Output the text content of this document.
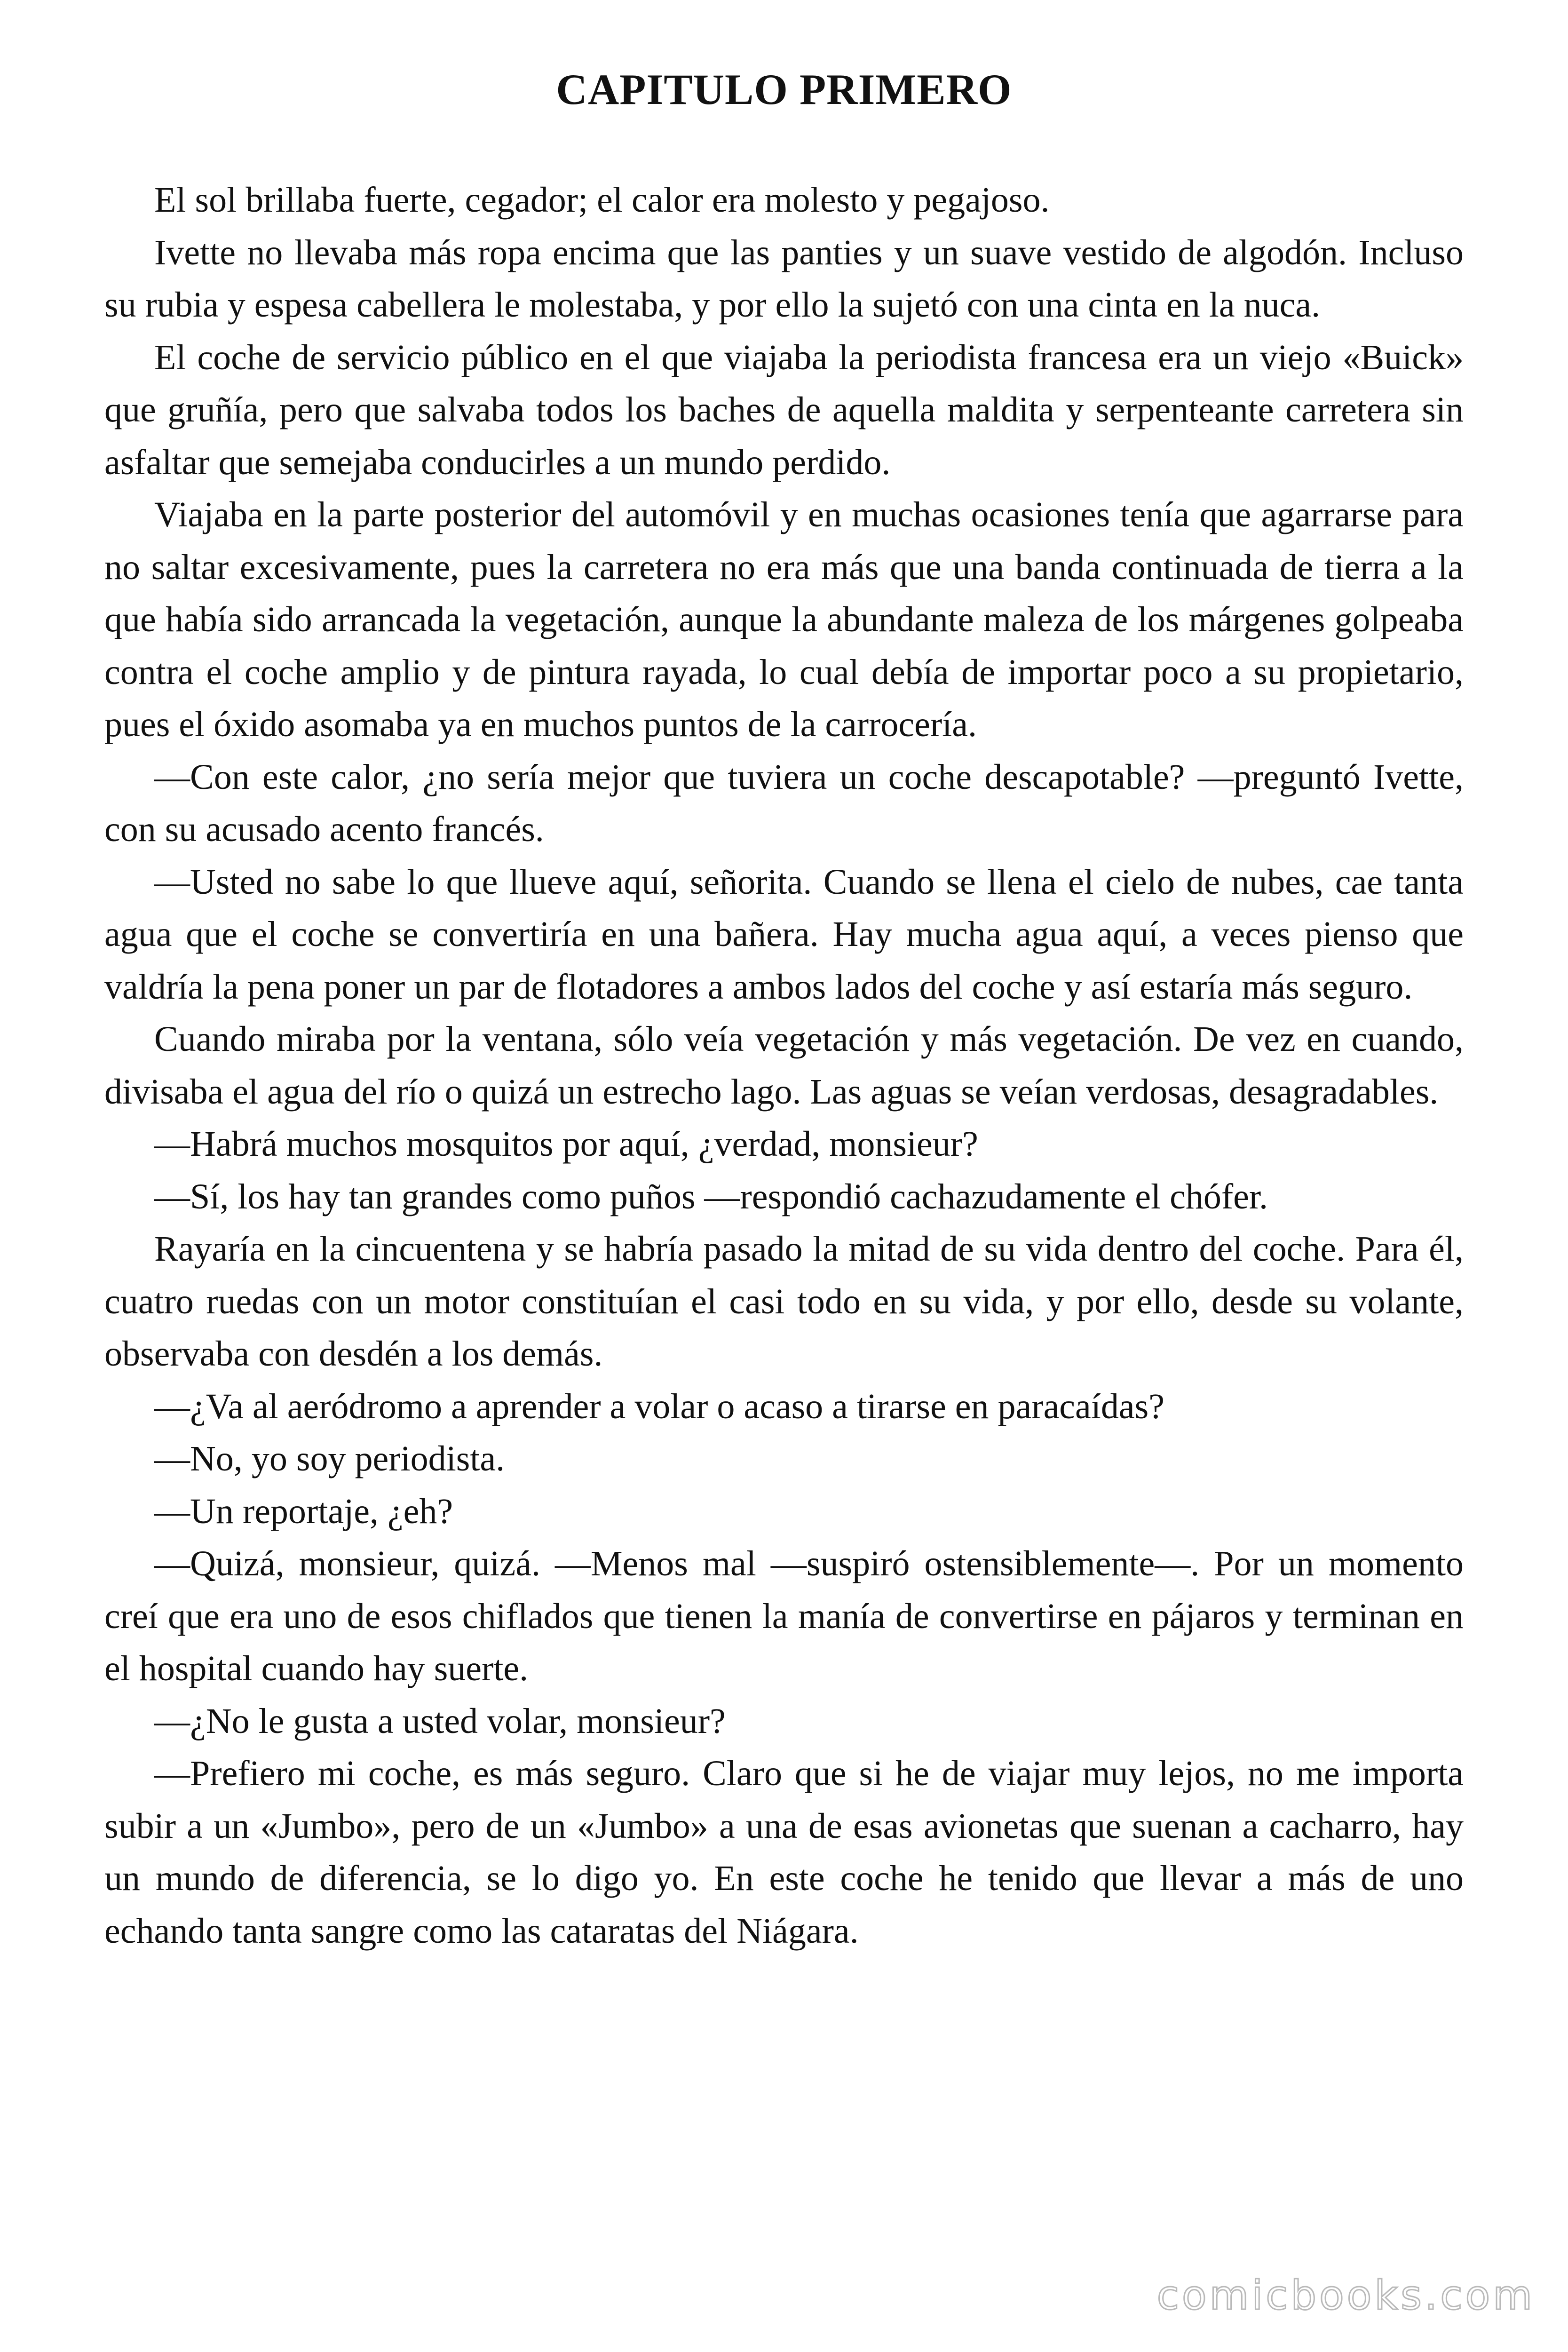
CAPITULO PRIMERO

El sol brillaba fuerte, cegador; el calor era molesto y pegajoso.

Ivette no llevaba más ropa encima que las panties y un suave vestido de algodón. Incluso su rubia y espesa cabellera le molestaba, y por ello la sujetó con una cinta en la nuca.

El coche de servicio público en el que viajaba la periodista francesa era un viejo «Buick» que gruñía, pero que salvaba todos los baches de aquella maldita y serpenteante carretera sin asfaltar que semejaba conducirles a un mundo perdido.

Viajaba en la parte posterior del automóvil y en muchas ocasiones tenía que agarrarse para no saltar excesivamente, pues la carretera no era más que una banda continuada de tierra a la que había sido arrancada la vegetación, aunque la abundante maleza de los márgenes golpeaba contra el coche amplio y de pintura rayada, lo cual debía de importar poco a su propietario, pues el óxido asomaba ya en muchos puntos de la carrocería.

—Con este calor, ¿no sería mejor que tuviera un coche descapotable? —preguntó Ivette, con su acusado acento francés.

—Usted no sabe lo que llueve aquí, señorita. Cuando se llena el cielo de nubes, cae tanta agua que el coche se convertiría en una bañera. Hay mucha agua aquí, a veces pienso que valdría la pena poner un par de flotadores a ambos lados del coche y así estaría más seguro.

Cuando miraba por la ventana, sólo veía vegetación y más vegetación. De vez en cuando, divisaba el agua del río o quizá un estrecho lago. Las aguas se veían verdosas, desagradables.

—Habrá muchos mosquitos por aquí, ¿verdad, monsieur?

—Sí, los hay tan grandes como puños —respondió cachazudamente el chófer.

Rayaría en la cincuentena y se habría pasado la mitad de su vida dentro del coche. Para él, cuatro ruedas con un motor constituían el casi todo en su vida, y por ello, desde su volante, observaba con desdén a los demás.

—¿Va al aeródromo a aprender a volar o acaso a tirarse en paracaídas?

—No, yo soy periodista.

—Un reportaje, ¿eh?

—Quizá, monsieur, quizá. —Menos mal —suspiró ostensiblemente—. Por un momento creí que era uno de esos chiflados que tienen la manía de convertirse en pájaros y terminan en el hospital cuando hay suerte.

—¿No le gusta a usted volar, monsieur?

—Prefiero mi coche, es más seguro. Claro que si he de viajar muy lejos, no me importa subir a un «Jumbo», pero de un «Jumbo» a una de esas avionetas que suenan a cacharro, hay un mundo de diferencia, se lo digo yo. En este coche he tenido que llevar a más de uno echando tanta sangre como las cataratas del Niágara.

comicbooks.com
